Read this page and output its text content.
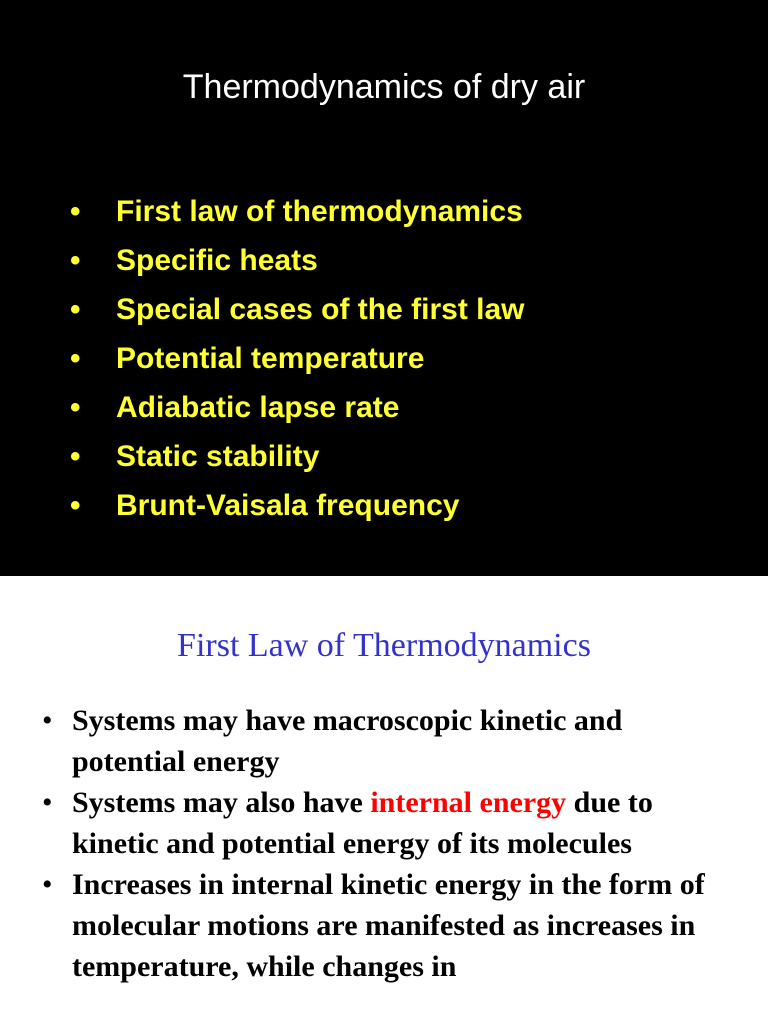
Thermodynamics of dry air
•	First law of thermodynamics
•	Specific heats
•	Special cases of the first law
•	Potential temperature
•	Adiabatic lapse rate
•	Static stability
•	Brunt-Vaisala frequency
First Law of Thermodynamics
• Systems may have macroscopic kinetic and potential energy
• Systems may also have internal energy due to kinetic and potential energy of its molecules
• Increases in internal kinetic energy in the form of molecular motions are manifested as increases in temperature, while changes in
